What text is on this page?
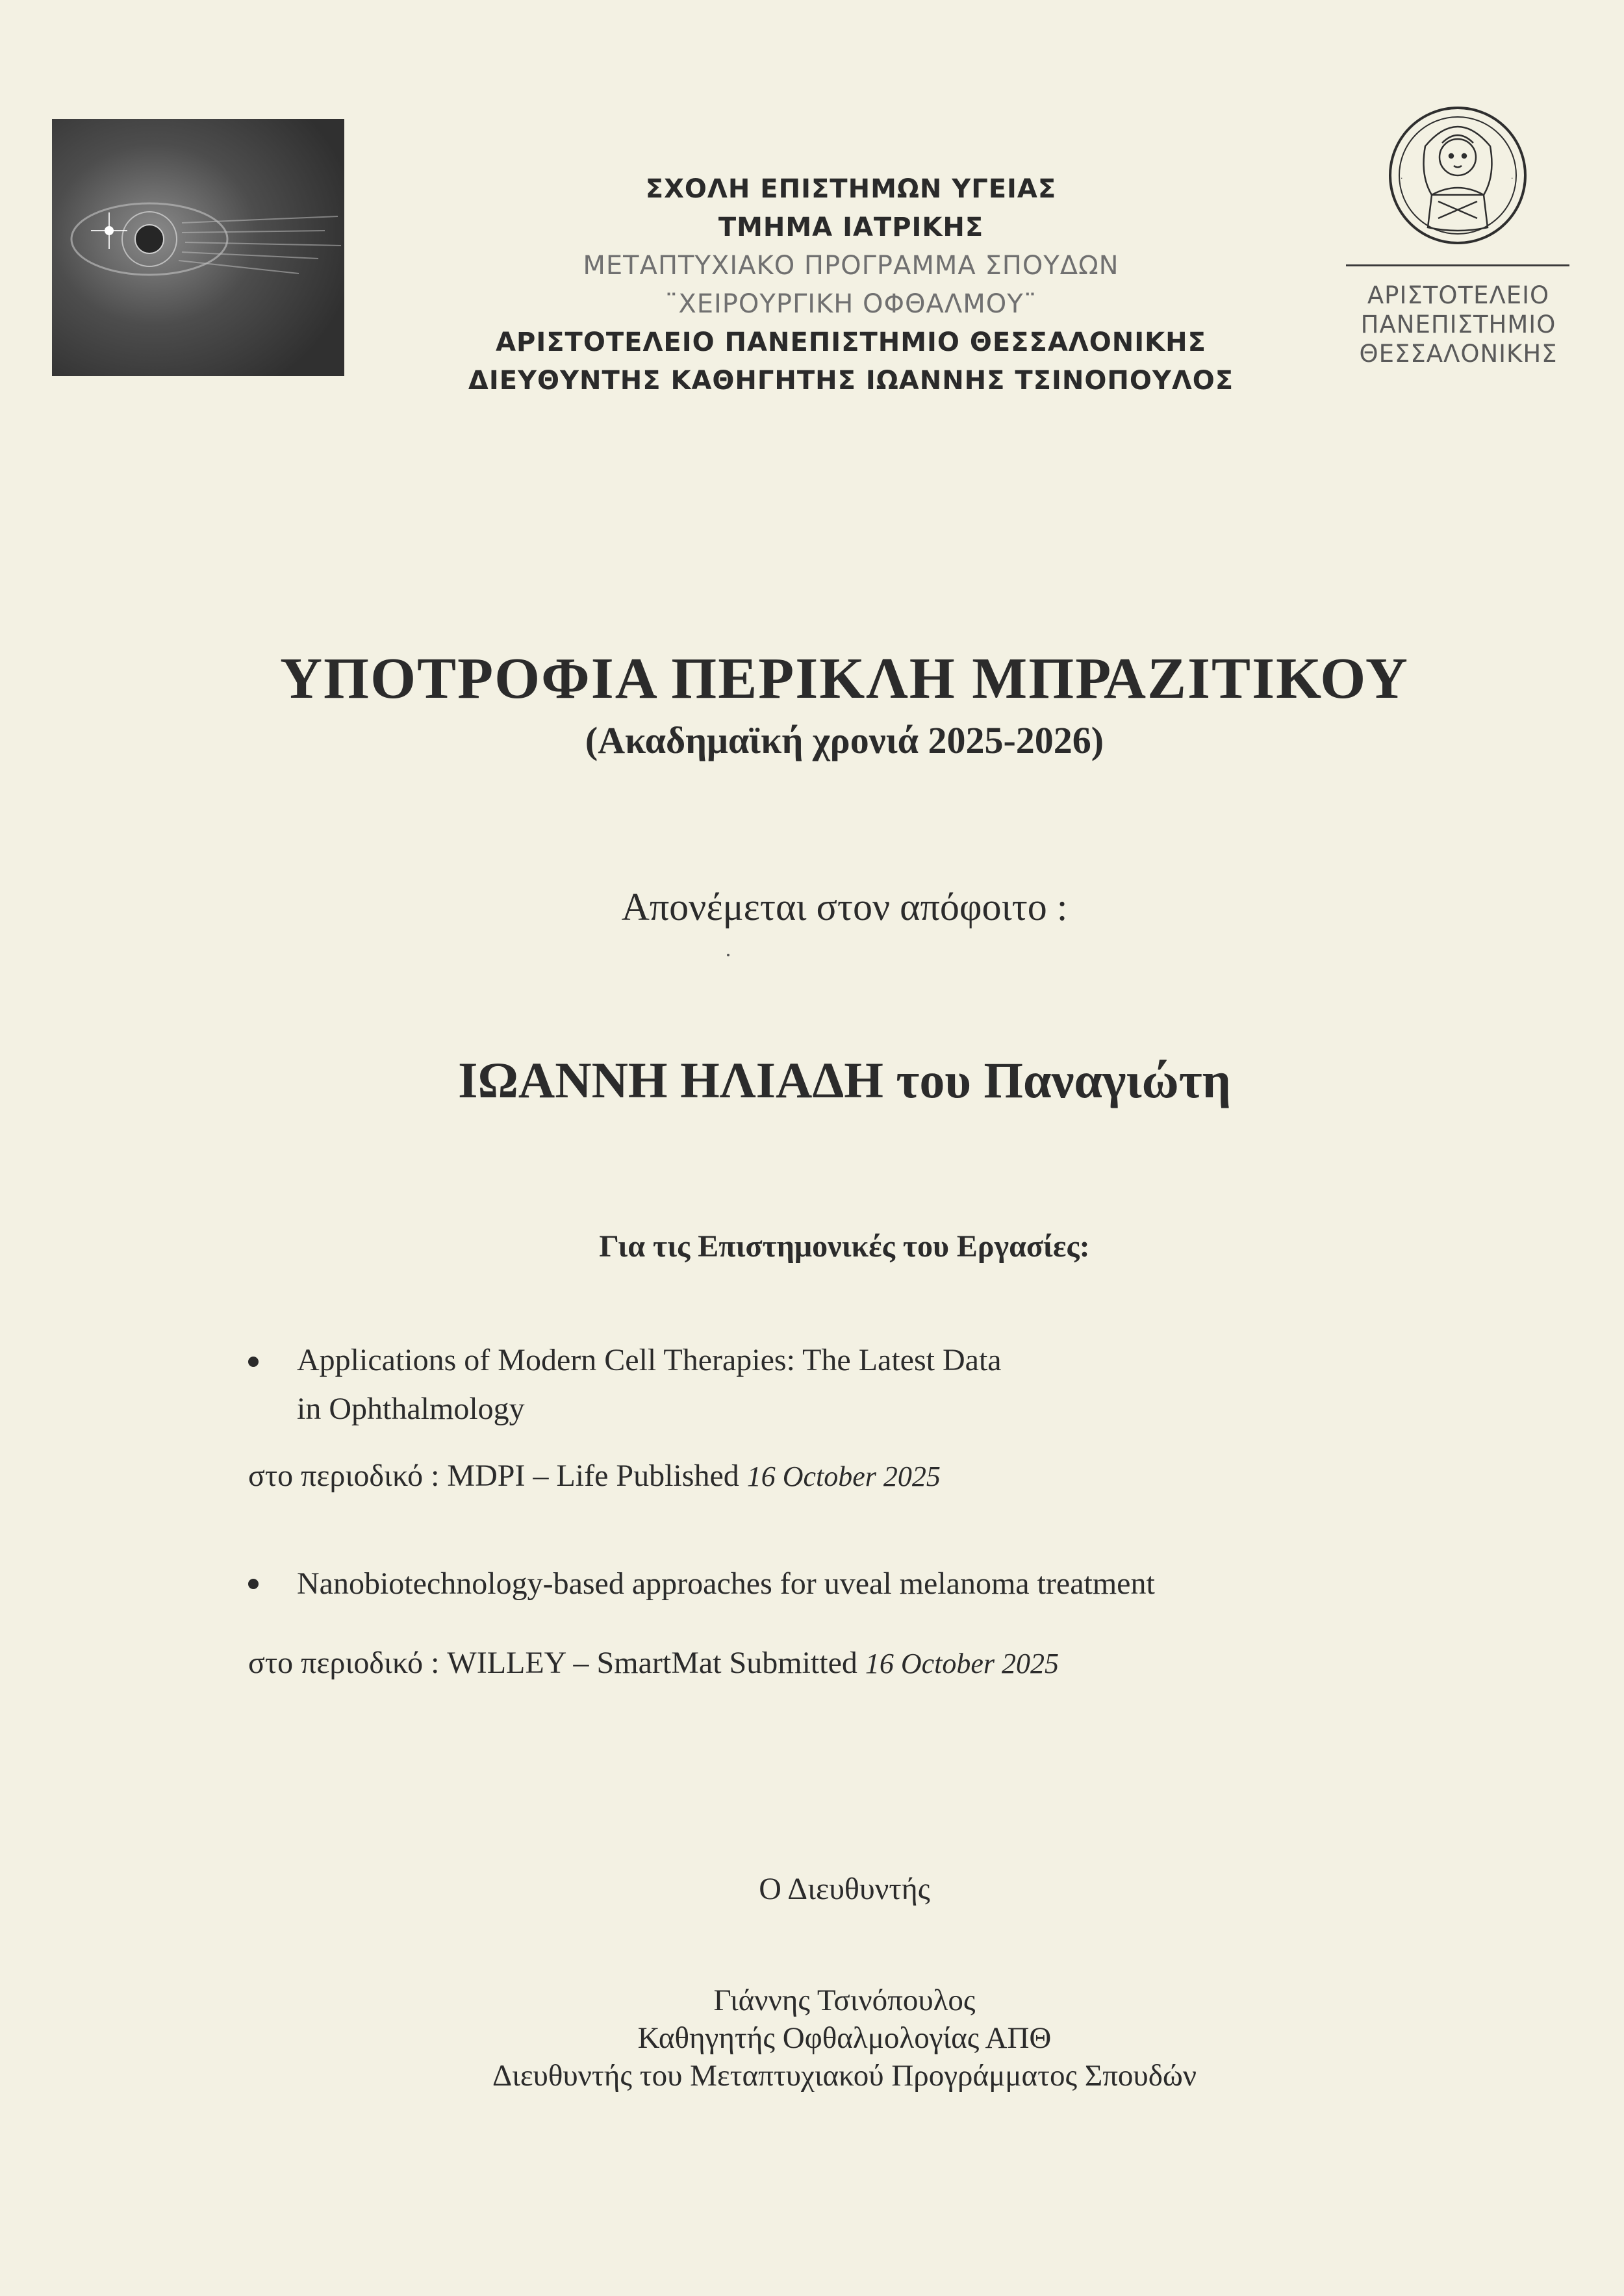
ΣΧΟΛΗ ΕΠΙΣΤΗΜΩΝ ΥΓΕΙΑΣ
ΤΜΗΜΑ ΙΑΤΡΙΚΗΣ
ΜΕΤΑΠΤΥΧΙΑΚΟ ΠΡΟΓΡΑΜΜΑ ΣΠΟΥΔΩΝ
¨ΧΕΙΡΟΥΡΓΙΚΗ ΟΦΘΑΛΜΟΥ¨
ΑΡΙΣΤΟΤΕΛΕΙΟ ΠΑΝΕΠΙΣΤΗΜΙΟ ΘΕΣΣΑΛΟΝΙΚΗΣ
ΔΙΕΥΘΥΝΤΗΣ ΚΑΘΗΓΗΤΗΣ ΙΩΑΝΝΗΣ ΤΣΙΝΟΠΟΥΛΟΣ
·	·
ΑΡΙΣΤΟΤΕΛΕΙΟ
ΠΑΝΕΠΙΣΤΗΜΙΟ
ΘΕΣΣΑΛΟΝΙΚΗΣ
ΥΠΟΤΡΟΦΙΑ ΠΕΡΙΚΛΗ ΜΠΡΑΖΙΤΙΚΟΥ
(Ακαδημαϊκή χρονιά 2025-2026)
Απονέμεται στον απόφοιτο :
ΙΩΑΝΝΗ ΗΛΙΑΔΗ του Παναγιώτη
Για τις Επιστημονικές του Εργασίες:
Applications of Modern Cell Therapies: The Latest Data
in Ophthalmology
στο περιοδικό : MDPI – Life Published 16 October 2025
Nanobiotechnology-based approaches for uveal melanoma treatment
στο περιοδικό : WILLEY – SmartMat Submitted 16 October 2025
Ο Διευθυντής
Γιάννης Τσινόπουλος
Καθηγητής Οφθαλμολογίας ΑΠΘ
Διευθυντής του Μεταπτυχιακού Προγράμματος Σπουδών
